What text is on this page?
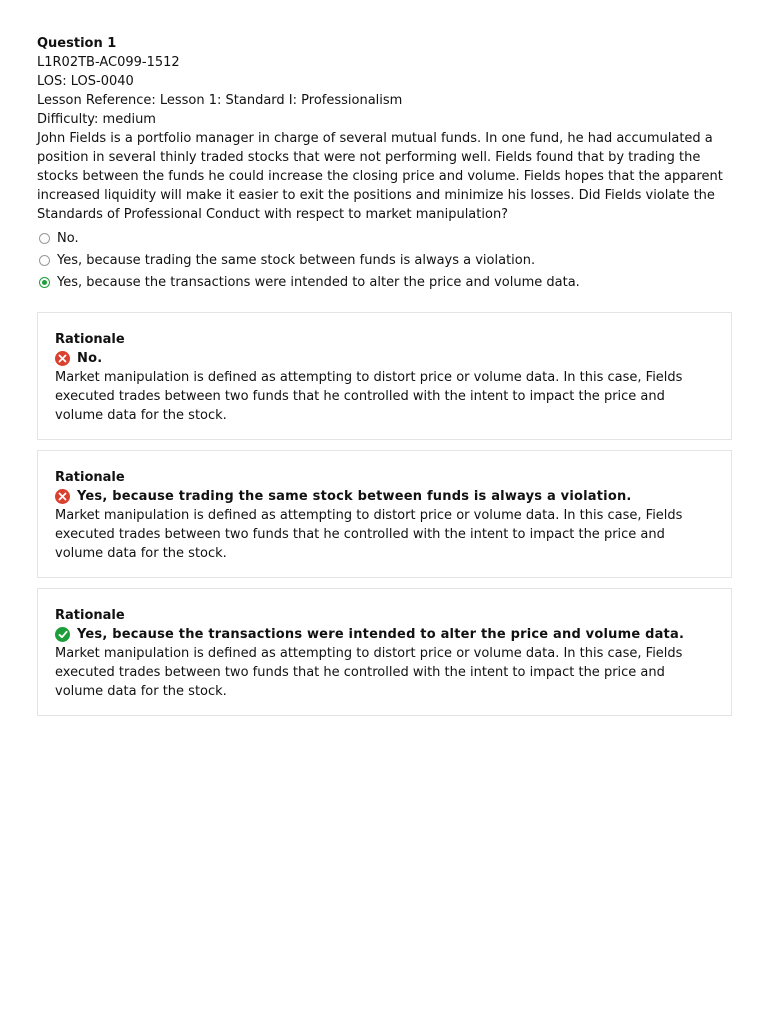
Question 1
L1R02TB-AC099-1512
LOS: LOS-0040
Lesson Reference: Lesson 1: Standard I: Professionalism
Difficulty: medium
John Fields is a portfolio manager in charge of several mutual funds. In one fund, he had accumulated a position in several thinly traded stocks that were not performing well. Fields found that by trading the stocks between the funds he could increase the closing price and volume. Fields hopes that the apparent increased liquidity will make it easier to exit the positions and minimize his losses. Did Fields violate the Standards of Professional Conduct with respect to market manipulation?
No.
Yes, because trading the same stock between funds is always a violation.
Yes, because the transactions were intended to alter the price and volume data.
Rationale
No.
Market manipulation is defined as attempting to distort price or volume data. In this case, Fields executed trades between two funds that he controlled with the intent to impact the price and volume data for the stock.
Rationale
Yes, because trading the same stock between funds is always a violation.
Market manipulation is defined as attempting to distort price or volume data. In this case, Fields executed trades between two funds that he controlled with the intent to impact the price and volume data for the stock.
Rationale
Yes, because the transactions were intended to alter the price and volume data.
Market manipulation is defined as attempting to distort price or volume data. In this case, Fields executed trades between two funds that he controlled with the intent to impact the price and volume data for the stock.
